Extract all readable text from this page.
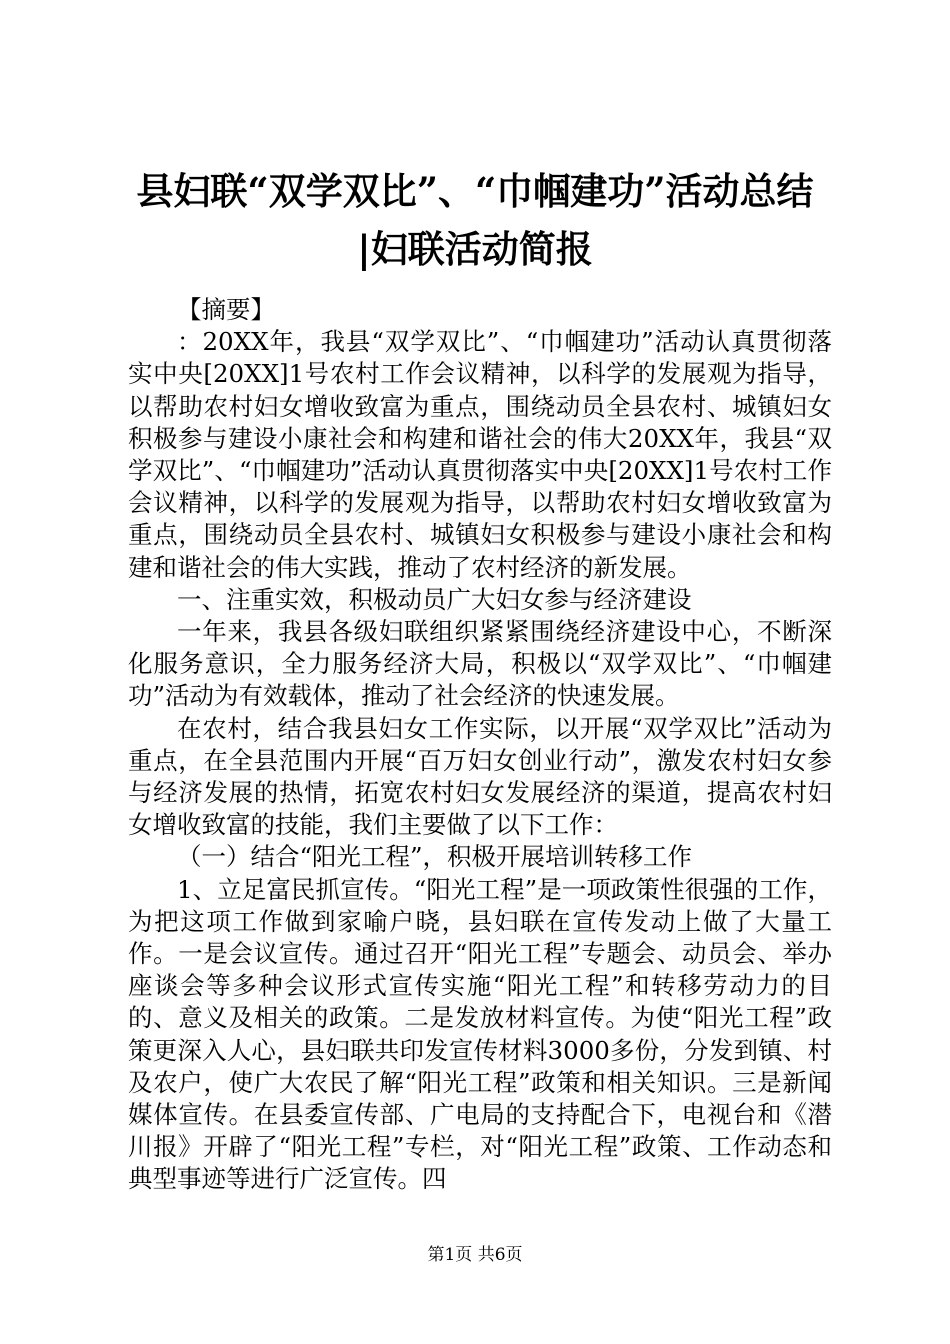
县妇联“双学双比”、“巾帼建功”活动总结

|妇联活动简报

【摘要】

：20XX年，我县“双学双比”、“巾帼建功”活动认真贯彻落实中央[20XX]1号农村工作会议精神，以科学的发展观为指导，以帮助农村妇女增收致富为重点，围绕动员全县农村、城镇妇女积极参与建设小康社会和构建和谐社会的伟大20XX年，我县“双学双比”、“巾帼建功”活动认真贯彻落实中央[20XX]1号农村工作会议精神，以科学的发展观为指导，以帮助农村妇女增收致富为重点，围绕动员全县农村、城镇妇女积极参与建设小康社会和构建和谐社会的伟大实践，推动了农村经济的新发展。

一、注重实效，积极动员广大妇女参与经济建设

一年来，我县各级妇联组织紧紧围绕经济建设中心，不断深化服务意识，全力服务经济大局，积极以“双学双比”、“巾帼建功”活动为有效载体，推动了社会经济的快速发展。

在农村，结合我县妇女工作实际，以开展“双学双比”活动为重点，在全县范围内开展“百万妇女创业行动”，激发农村妇女参与经济发展的热情，拓宽农村妇女发展经济的渠道，提高农村妇女增收致富的技能，我们主要做了以下工作：

（一）结合“阳光工程”，积极开展培训转移工作

1、立足富民抓宣传。“阳光工程”是一项政策性很强的工作，为把这项工作做到家喻户晓，县妇联在宣传发动上做了大量工作。一是会议宣传。通过召开“阳光工程”专题会、动员会、举办座谈会等多种会议形式宣传实施“阳光工程”和转移劳动力的目的、意义及相关的政策。二是发放材料宣传。为使“阳光工程”政策更深入人心，县妇联共印发宣传材料3000多份，分发到镇、村及农户，使广大农民了解“阳光工程”政策和相关知识。三是新闻媒体宣传。在县委宣传部、广电局的支持配合下，电视台和《潜川报》开辟了“阳光工程”专栏，对“阳光工程”政策、工作动态和典型事迹等进行广泛宣传。四

第1页 共6页
